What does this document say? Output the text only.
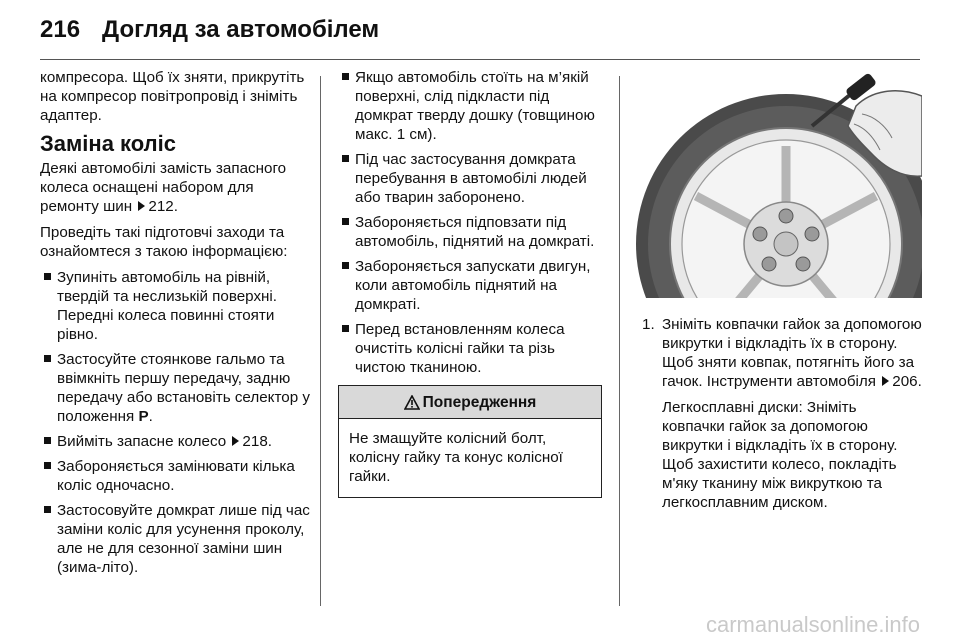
216 Догляд за автомобілем

компресора. Щоб їх зняти, прикрутіть на компресор повітропровід і зніміть адаптер.

Заміна коліс

Деякі автомобілі замість запасного колеса оснащені набором для ремонту шин 212.

Проведіть такі підготовчі заходи та ознайомтеся з такою інформацією:

Зупиніть автомобіль на рівній, твердій та неслизькій поверхні. Передні колеса повинні стояти рівно.
Застосуйте стоянкове гальмо та ввімкніть першу передачу, задню передачу або встановіть селектор у положення P.
Вийміть запасне колесо 218.
Забороняється замінювати кілька коліс одночасно.
Застосовуйте домкрат лише під час заміни коліс для усунення проколу, але не для сезонної заміни шин (зима-літо).
Якщо автомобіль стоїть на м’якій поверхні, слід підкласти під домкрат тверду дошку (товщиною макс. 1 см).
Під час застосування домкрата перебування в автомобілі людей або тварин заборонено.
Забороняється підповзати під автомобіль, піднятий на домкраті.
Забороняється запускати двигун, коли автомобіль піднятий на домкраті.
Перед встановленням колеса очистіть колісні гайки та різь чистою тканиною.
Попередження
Не змащуйте колісний болт, колісну гайку та конус колісної гайки.
1. Зніміть ковпачки гайок за допомогою викрутки і відкладіть їх в сторону. Щоб зняти ковпак, потягніть його за гачок. Інструменти автомобіля 206.
Легкосплавні диски: Зніміть ковпачки гайок за допомогою викрутки і відкладіть їх в сторону. Щоб захистити колесо, покладіть м'яку тканину між викруткою та легкосплавним диском.
carmanualsonline.info
